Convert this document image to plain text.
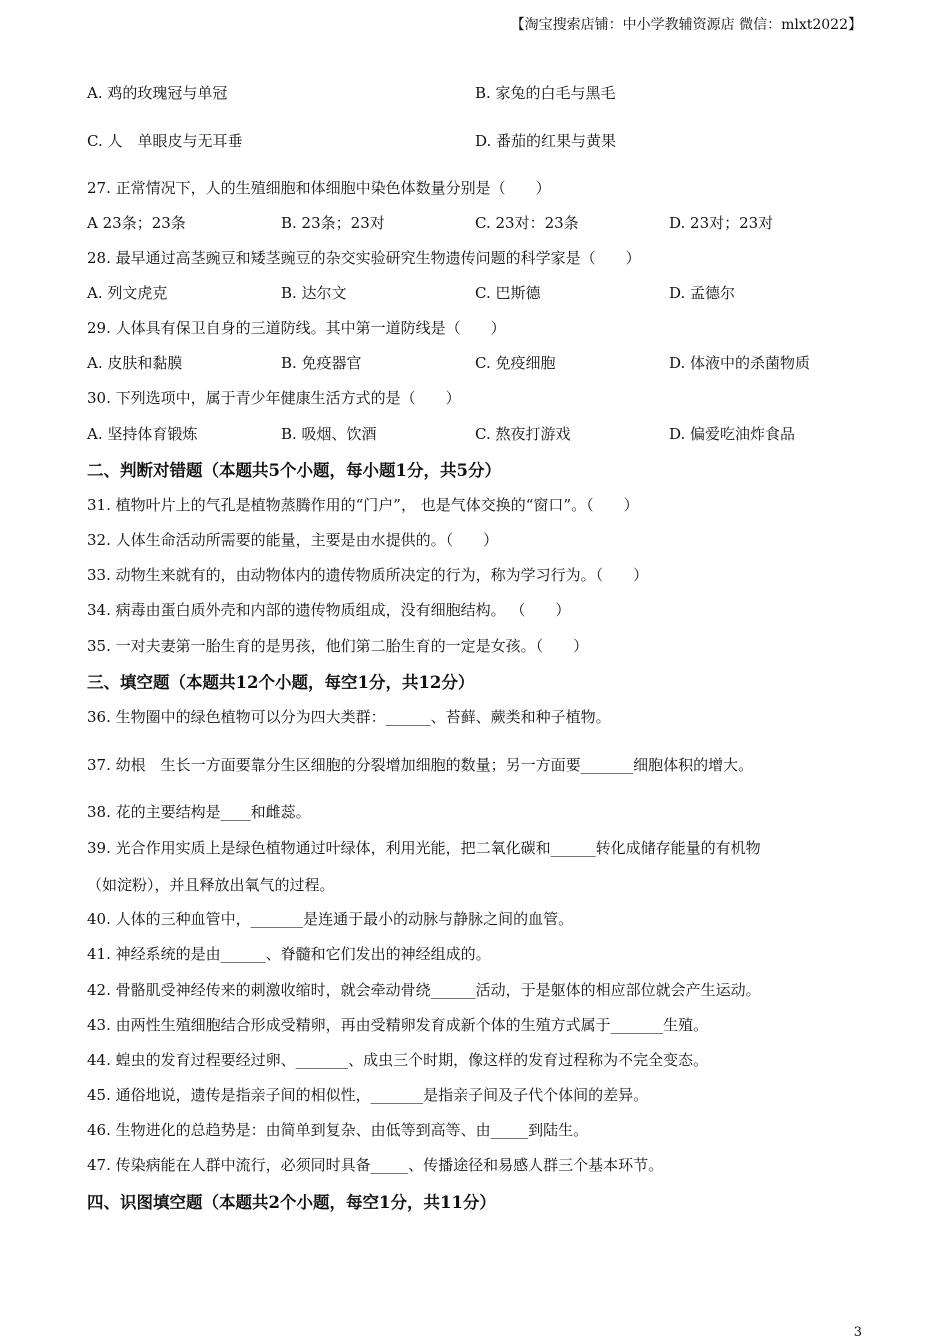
【淘宝搜索店铺：中小学教辅资源店 微信：mlxt2022】
A. 鸡的玫瑰冠与单冠	B. 家兔的白毛与黑毛
C. 人　单眼皮与无耳垂	D. 番茄的红果与黄果
27. 正常情况下，人的生殖细胞和体细胞中染色体数量分别是（　　）
A 23条；23条	B. 23条；23对	C. 23对：23条	D. 23对；23对
28. 最早通过高茎豌豆和矮茎豌豆的杂交实验研究生物遗传问题的科学家是（　　）
A. 列文虎克	B. 达尔文	C. 巴斯德	D. 孟德尔
29. 人体具有保卫自身的三道防线。其中第一道防线是（　　）
A. 皮肤和黏膜	B. 免疫器官	C. 免疫细胞	D. 体液中的杀菌物质
30. 下列选项中，属于青少年健康生活方式的是（　　）
A. 坚持体育锻炼	B. 吸烟、饮酒	C. 熬夜打游戏	D. 偏爱吃油炸食品
二、判断对错题（本题共5个小题，每小题1分，共5分）
31. 植物叶片上的气孔是植物蒸腾作用的“门户”， 也是气体交换的“窗口”。（　　）
32. 人体生命活动所需要的能量，主要是由水提供的。（　　）
33. 动物生来就有的，由动物体内的遗传物质所决定的行为，称为学习行为。（　　）
34. 病毒由蛋白质外壳和内部的遗传物质组成，没有细胞结构。 （　　）
35. 一对夫妻第一胎生育的是男孩，他们第二胎生育的一定是女孩。（　　）
三、填空题（本题共12个小题，每空1分，共12分）
36. 生物圈中的绿色植物可以分为四大类群：______、苔藓、蕨类和种子植物。
37. 幼根　生长一方面要靠分生区细胞的分裂增加细胞的数量；另一方面要_______细胞体积的增大。
38. 花的主要结构是____和雌蕊。
39. 光合作用实质上是绿色植物通过叶绿体，利用光能，把二氧化碳和______转化成储存能量的有机物
（如淀粉），并且释放出氧气的过程。
40. 人体的三种血管中，_______是连通于最小的动脉与静脉之间的血管。
41. 神经系统的是由______、脊髓和它们发出的神经组成的。
42. 骨骼肌受神经传来的刺激收缩时，就会牵动骨绕______活动，于是躯体的相应部位就会产生运动。
43. 由两性生殖细胞结合形成受精卵，再由受精卵发育成新个体的生殖方式属于_______生殖。
44. 蝗虫的发育过程要经过卵、_______、成虫三个时期，像这样的发育过程称为不完全变态。
45. 通俗地说，遗传是指亲子间的相似性，_______是指亲子间及子代个体间的差异。
46. 生物进化的总趋势是：由简单到复杂、由低等到高等、由_____到陆生。
47. 传染病能在人群中流行，必须同时具备_____、传播途径和易感人群三个基本环节。
四、识图填空题（本题共2个小题，每空1分，共11分）
3
